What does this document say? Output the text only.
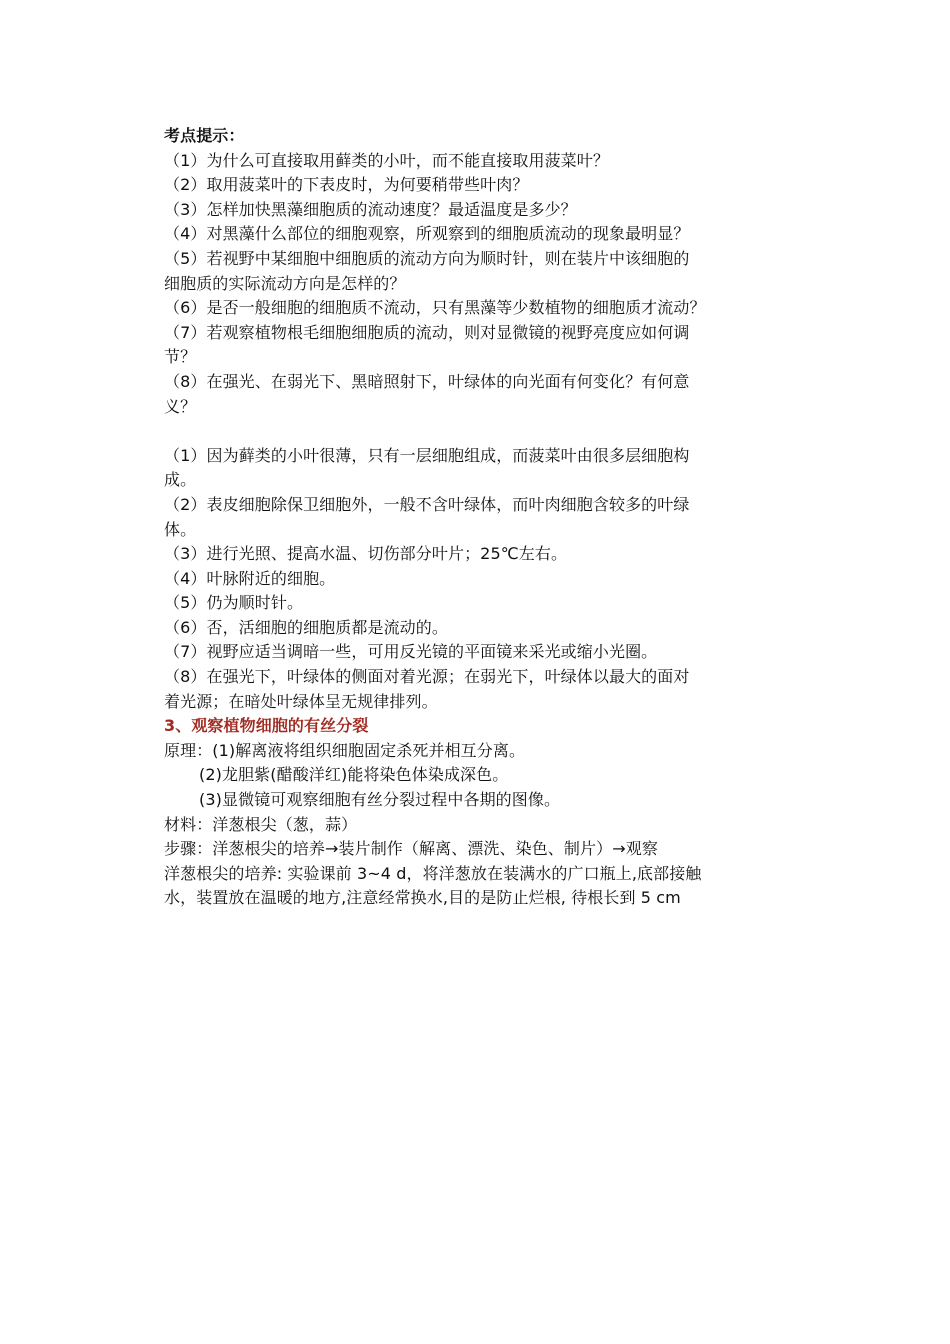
考点提示：
（1）为什么可直接取用藓类的小叶，而不能直接取用菠菜叶？
（2）取用菠菜叶的下表皮时，为何要稍带些叶肉？
（3）怎样加快黑藻细胞质的流动速度？最适温度是多少？
（4）对黑藻什么部位的细胞观察，所观察到的细胞质流动的现象最明显？
（5）若视野中某细胞中细胞质的流动方向为顺时针，则在装片中该细胞的
细胞质的实际流动方向是怎样的？
（6）是否一般细胞的细胞质不流动，只有黑藻等少数植物的细胞质才流动？
（7）若观察植物根毛细胞细胞质的流动，则对显微镜的视野亮度应如何调
节？
（8）在强光、在弱光下、黑暗照射下，叶绿体的向光面有何变化？有何意
义？
（1）因为藓类的小叶很薄，只有一层细胞组成，而菠菜叶由很多层细胞构
成。
（2）表皮细胞除保卫细胞外，一般不含叶绿体，而叶肉细胞含较多的叶绿
体。
（3）进行光照、提高水温、切伤部分叶片；25℃左右。
（4）叶脉附近的细胞。
（5）仍为顺时针。
（6）否，活细胞的细胞质都是流动的。
（7）视野应适当调暗一些，可用反光镜的平面镜来采光或缩小光圈。
（8）在强光下，叶绿体的侧面对着光源；在弱光下，叶绿体以最大的面对
着光源；在暗处叶绿体呈无规律排列。
3、观察植物细胞的有丝分裂
原理：(1)解离液将组织细胞固定杀死并相互分离。
(2)龙胆紫(醋酸洋红)能将染色体染成深色。
(3)显微镜可观察细胞有丝分裂过程中各期的图像。
材料：洋葱根尖（葱，蒜）
步骤：洋葱根尖的培养→装片制作（解离、漂洗、染色、制片）→观察
洋葱根尖的培养: 实验课前 3~4 d，将洋葱放在装满水的广口瓶上,底部接触
水，装置放在温暖的地方,注意经常换水,目的是防止烂根, 待根长到 5 cm
